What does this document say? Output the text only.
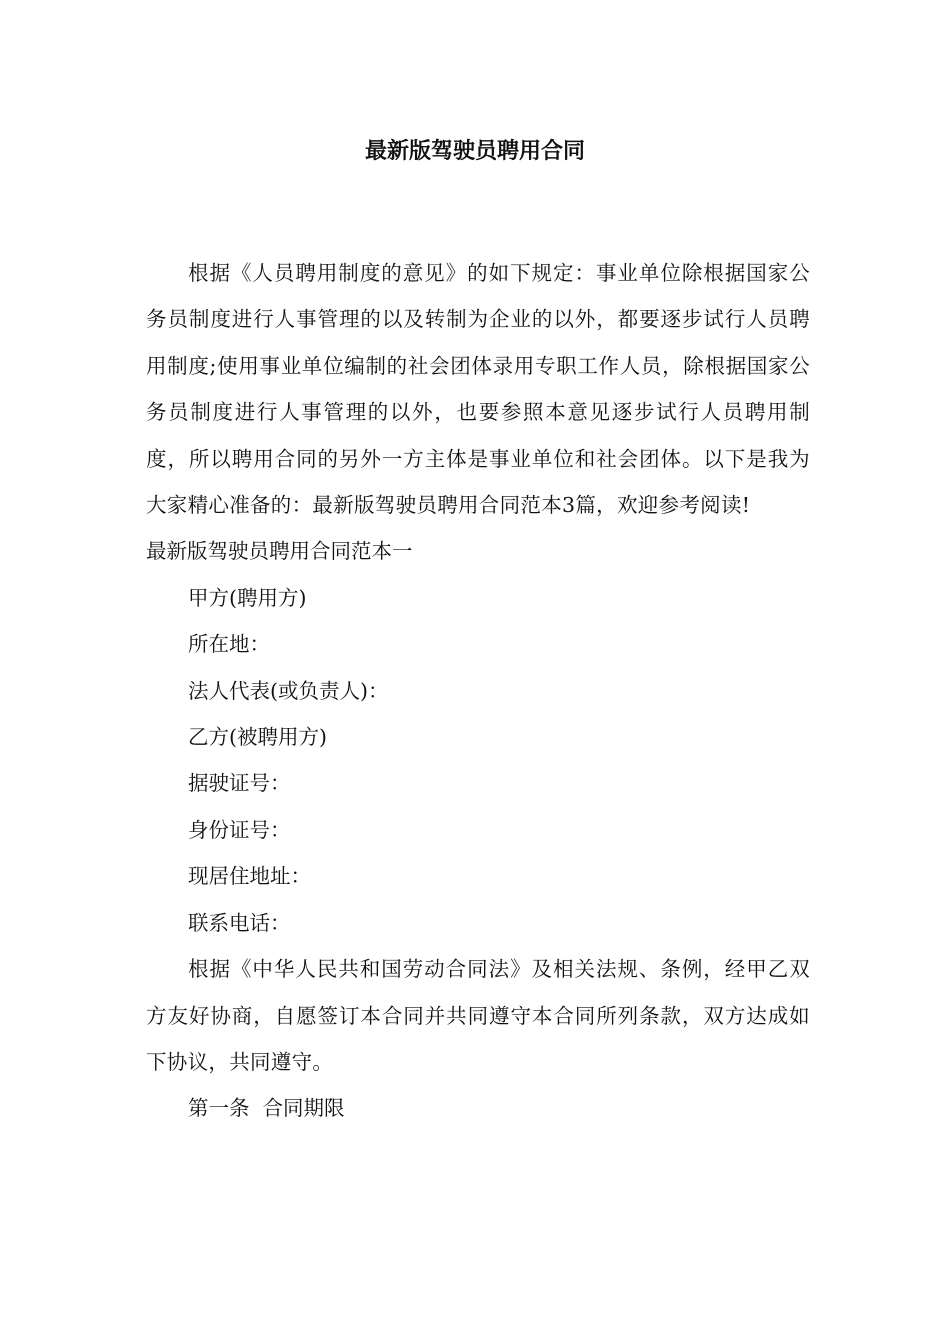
最新版驾驶员聘用合同

根据《人员聘用制度的意见》的如下规定：事业单位除根据国家公务员制度进行人事管理的以及转制为企业的以外，都要逐步试行人员聘用制度;使用事业单位编制的社会团体录用专职工作人员，除根据国家公务员制度进行人事管理的以外，也要参照本意见逐步试行人员聘用制度，所以聘用合同的另外一方主体是事业单位和社会团体。以下是我为大家精心准备的：最新版驾驶员聘用合同范本3篇，欢迎参考阅读!

最新版驾驶员聘用合同范本一

甲方(聘用方)

所在地：

法人代表(或负责人)：

乙方(被聘用方)

据驶证号：

身份证号：

现居住地址：

联系电话：

根据《中华人民共和国劳动合同法》及相关法规、条例，经甲乙双方友好协商，自愿签订本合同并共同遵守本合同所列条款，双方达成如下协议，共同遵守。

第一条  合同期限
